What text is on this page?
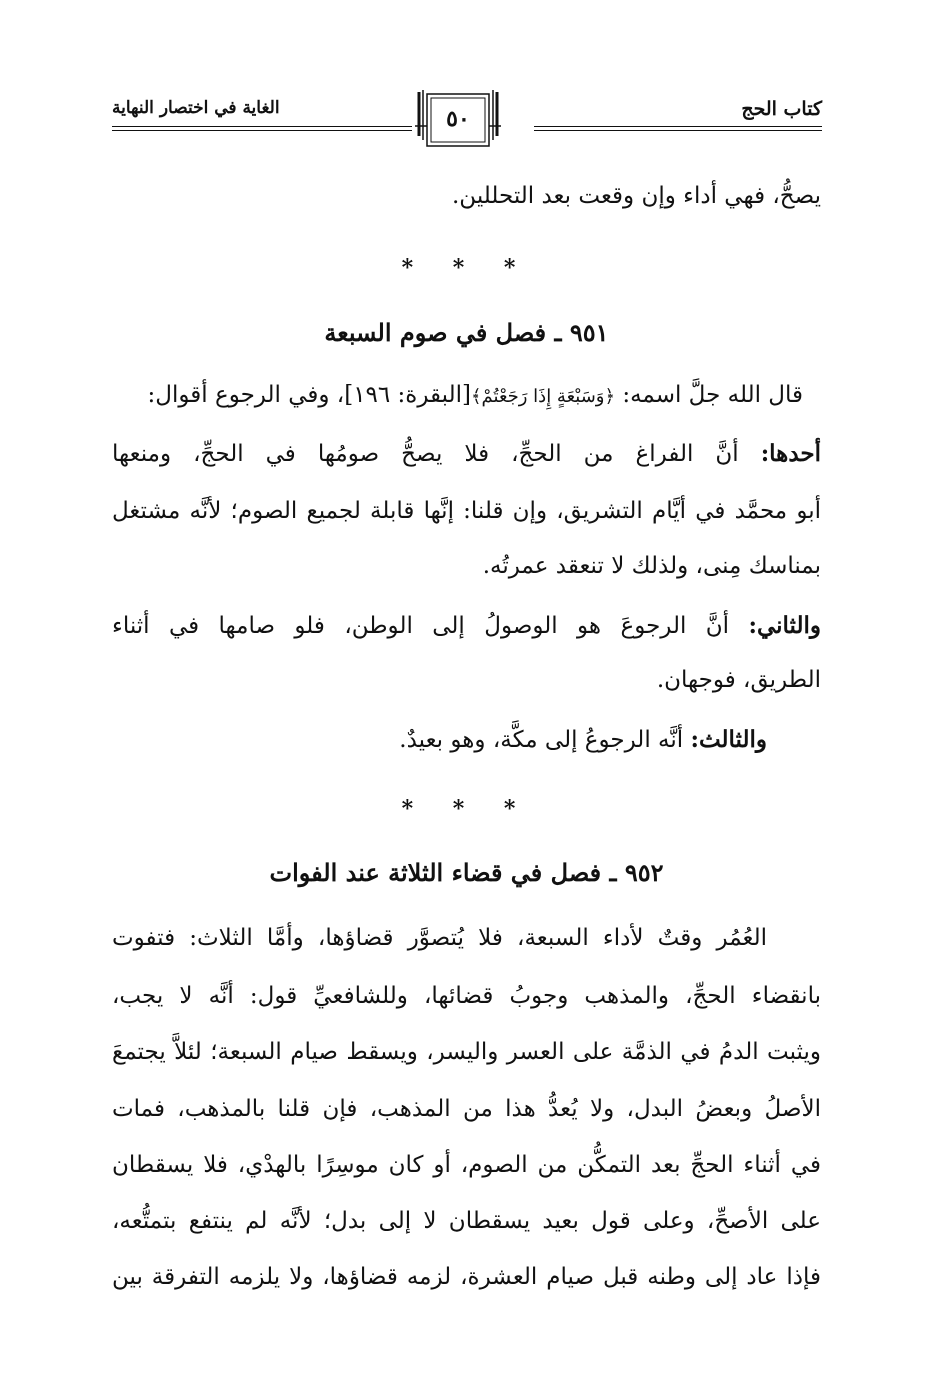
كتاب الحج
الغاية في اختصار النهاية	٥٠
يصحُّ، فهي أداء وإن وقعت بعد التحللين.
* * *
٩٥١ ـ فصل في صوم السبعة
قال الله جلَّ اسمه: ﴿وَسَبْعَةٍ إِذَا رَجَعْتُمْ﴾[البقرة: ١٩٦]، وفي الرجوع أقوال:
أحدها: أنَّ الفراغ من الحجِّ، فلا يصحُّ صومُها في الحجِّ، ومنعها
أبو محمَّد في أيَّام التشريق، وإن قلنا: إنَّها قابلة لجميع الصوم؛ لأنَّه مشتغل
بمناسك مِنى، ولذلك لا تنعقد عمرتُه.
والثاني: أنَّ الرجوعَ هو الوصولُ إلى الوطن، فلو صامها في أثناء
الطريق، فوجهان.
والثالث: أنَّه الرجوعُ إلى مكَّة، وهو بعيدٌ.
* * *
٩٥٢ ـ فصل في قضاء الثلاثة عند الفوات
العُمُر وقتٌ لأداء السبعة، فلا يُتصوَّر قضاؤها، وأمَّا الثلاث: فتفوت
بانقضاء الحجِّ، والمذهب وجوبُ قضائها، وللشافعيِّ قول: أنَّه لا يجب،
ويثبت الدمُ في الذمَّة على العسر واليسر، ويسقط صيام السبعة؛ لئلاَّ يجتمعَ
الأصلُ وبعضُ البدل، ولا يُعدُّ هذا من المذهب، فإن قلنا بالمذهب، فمات
في أثناء الحجِّ بعد التمكُّن من الصوم، أو كان موسِرًا بالهدْي، فلا يسقطان
على الأصحِّ، وعلى قول بعيد يسقطان لا إلى بدل؛ لأنَّه لم ينتفع بتمتُّعه،
فإذا عاد إلى وطنه قبل صيام العشرة، لزمه قضاؤها، ولا يلزمه التفرقة بين
